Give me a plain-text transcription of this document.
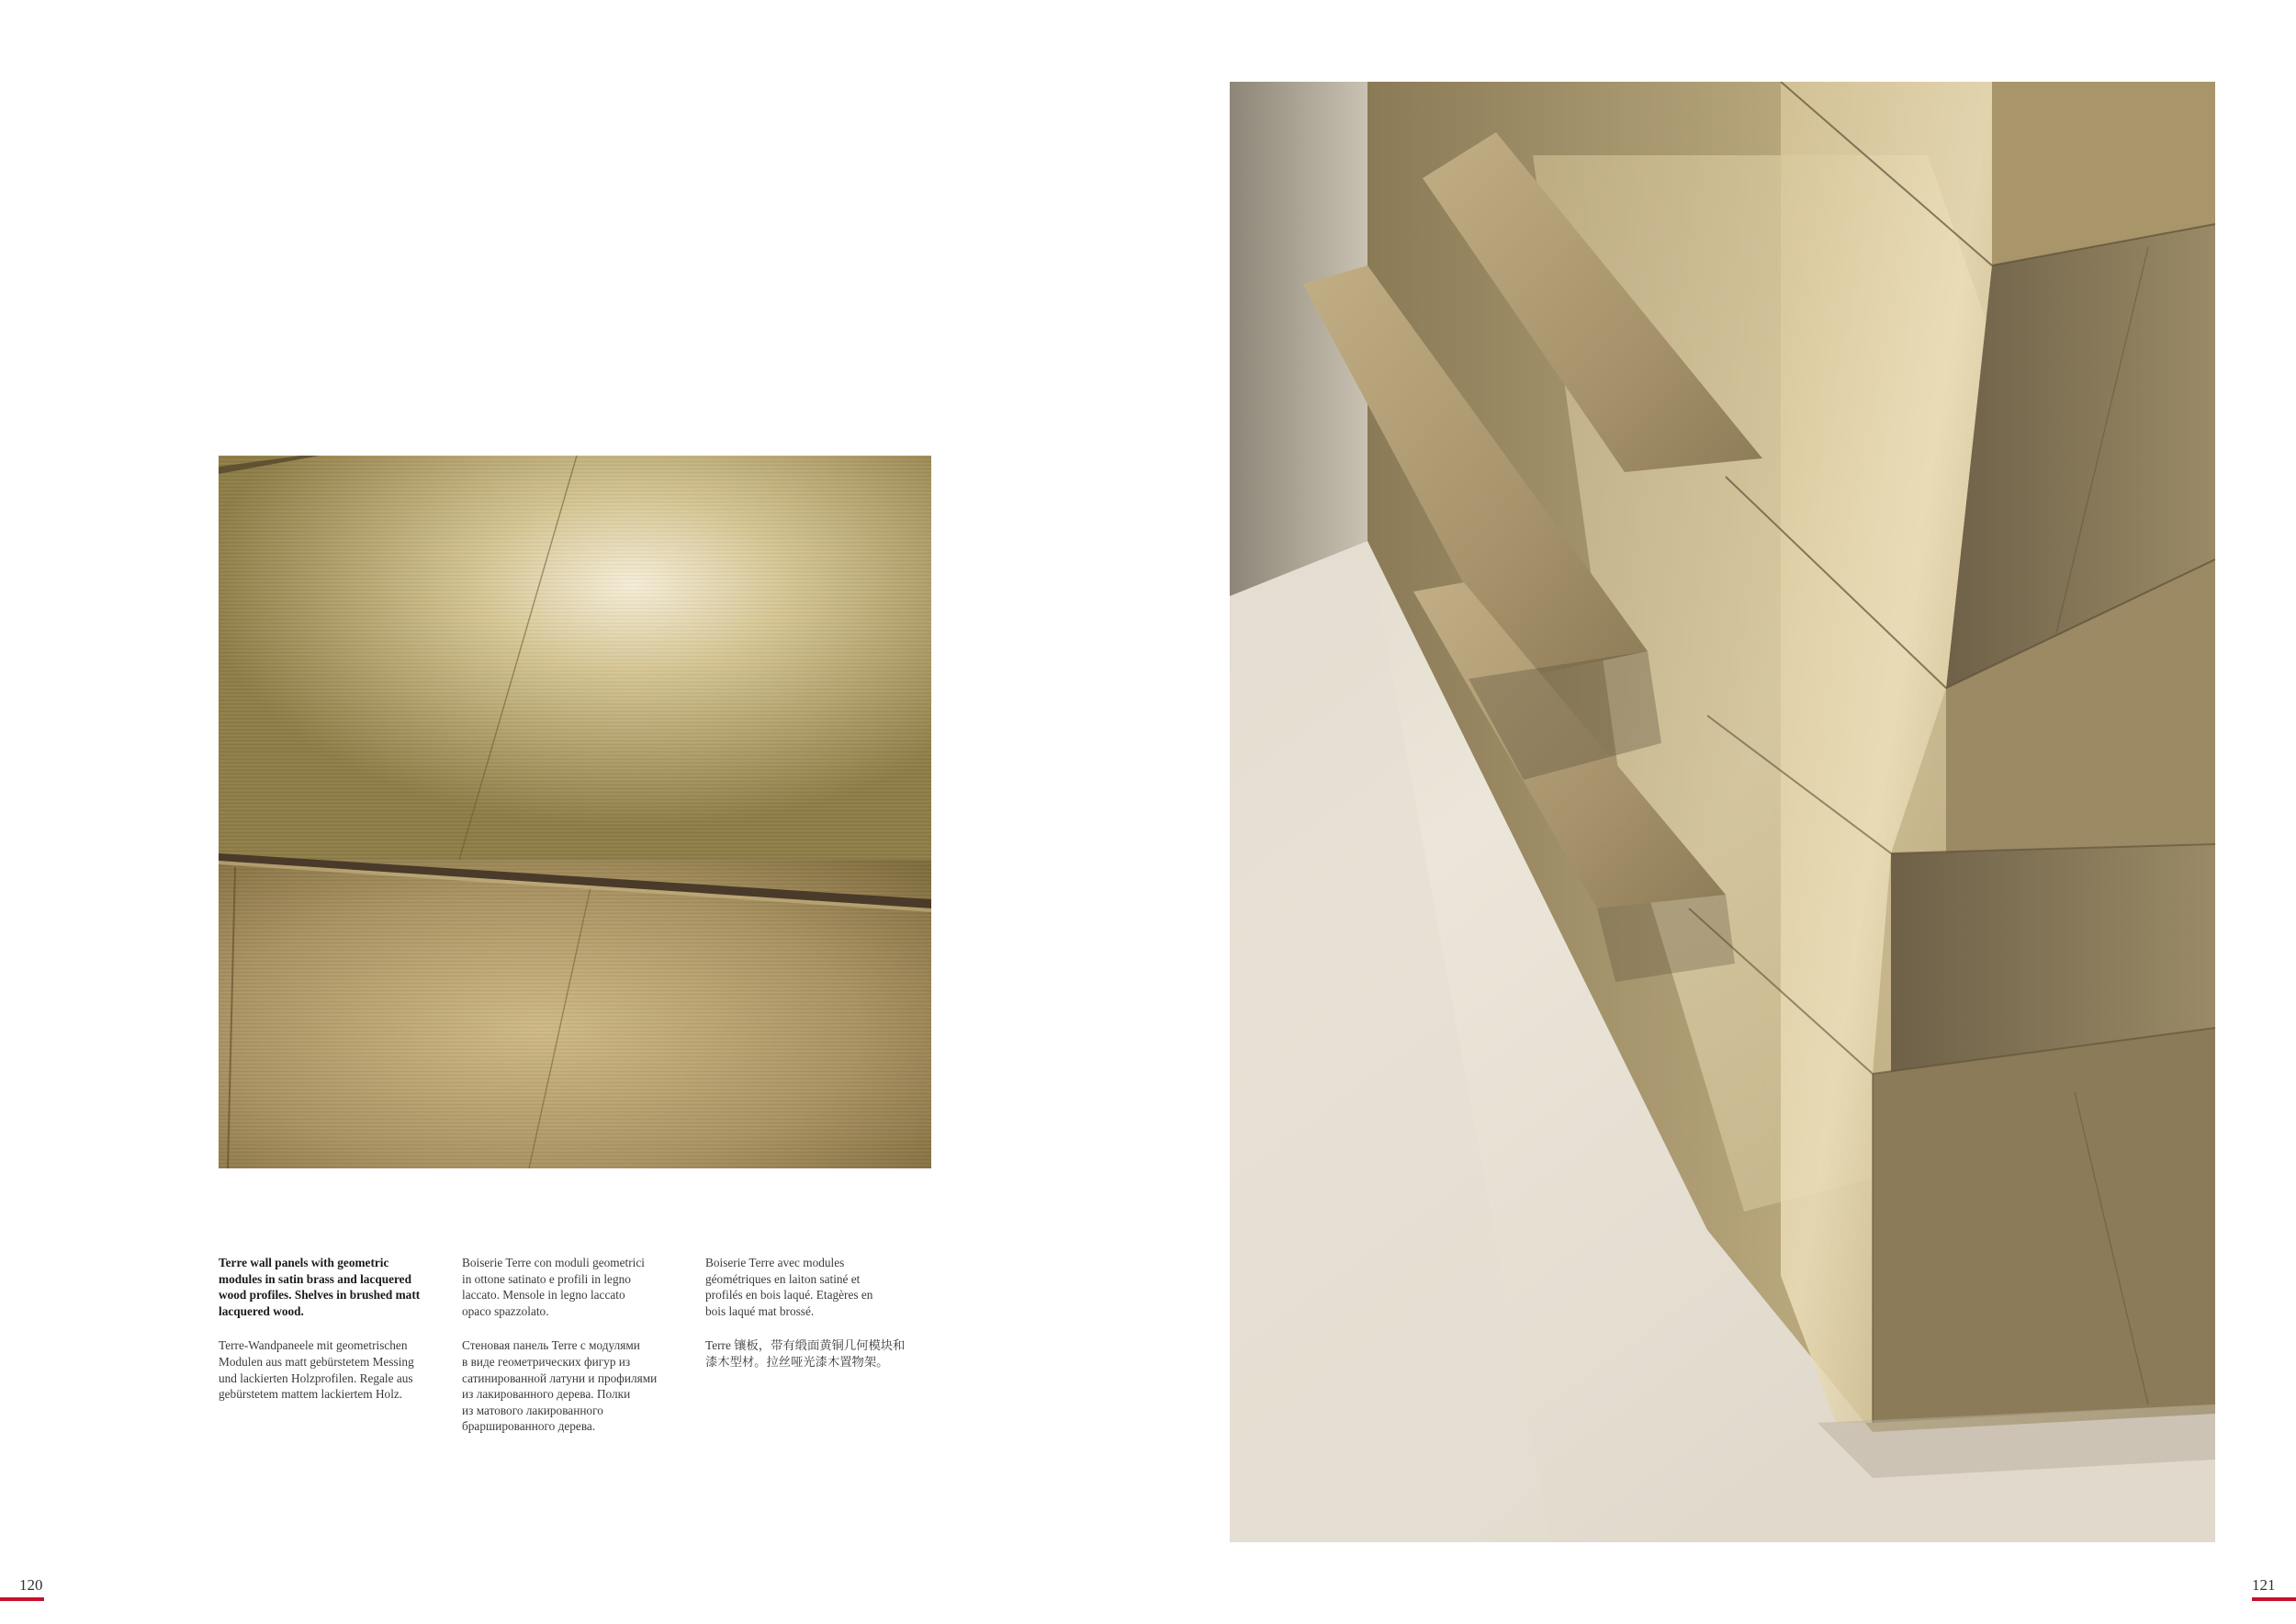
Terre wall panels with geometric
modules in satin brass and lacquered
wood profiles. Shelves in brushed matt
lacquered wood.

Terre-Wandpaneele mit geometrischen
Modulen aus matt gebürstetem Messing
und lackierten Holzprofilen. Regale aus
gebürstetem mattem lackiertem Holz.

Boiserie Terre con moduli geometrici
in ottone satinato e profili in legno
laccato. Mensole in legno laccato
opaco spazzolato.

Стеновая панель Terre с модулями
в виде геометрических фигур из
сатинированной латуни и профилями
из лакированного дерева. Полки
из матового лакированного
браршированного дерева.

Boiserie Terre avec modules
géométriques en laiton satiné et
profilés en bois laqué. Etagères en
bois laqué mat brossé.

Terre 镶板，带有缎面黄铜几何模块和
漆木型材。拉丝哑光漆木置物架。

120	121
